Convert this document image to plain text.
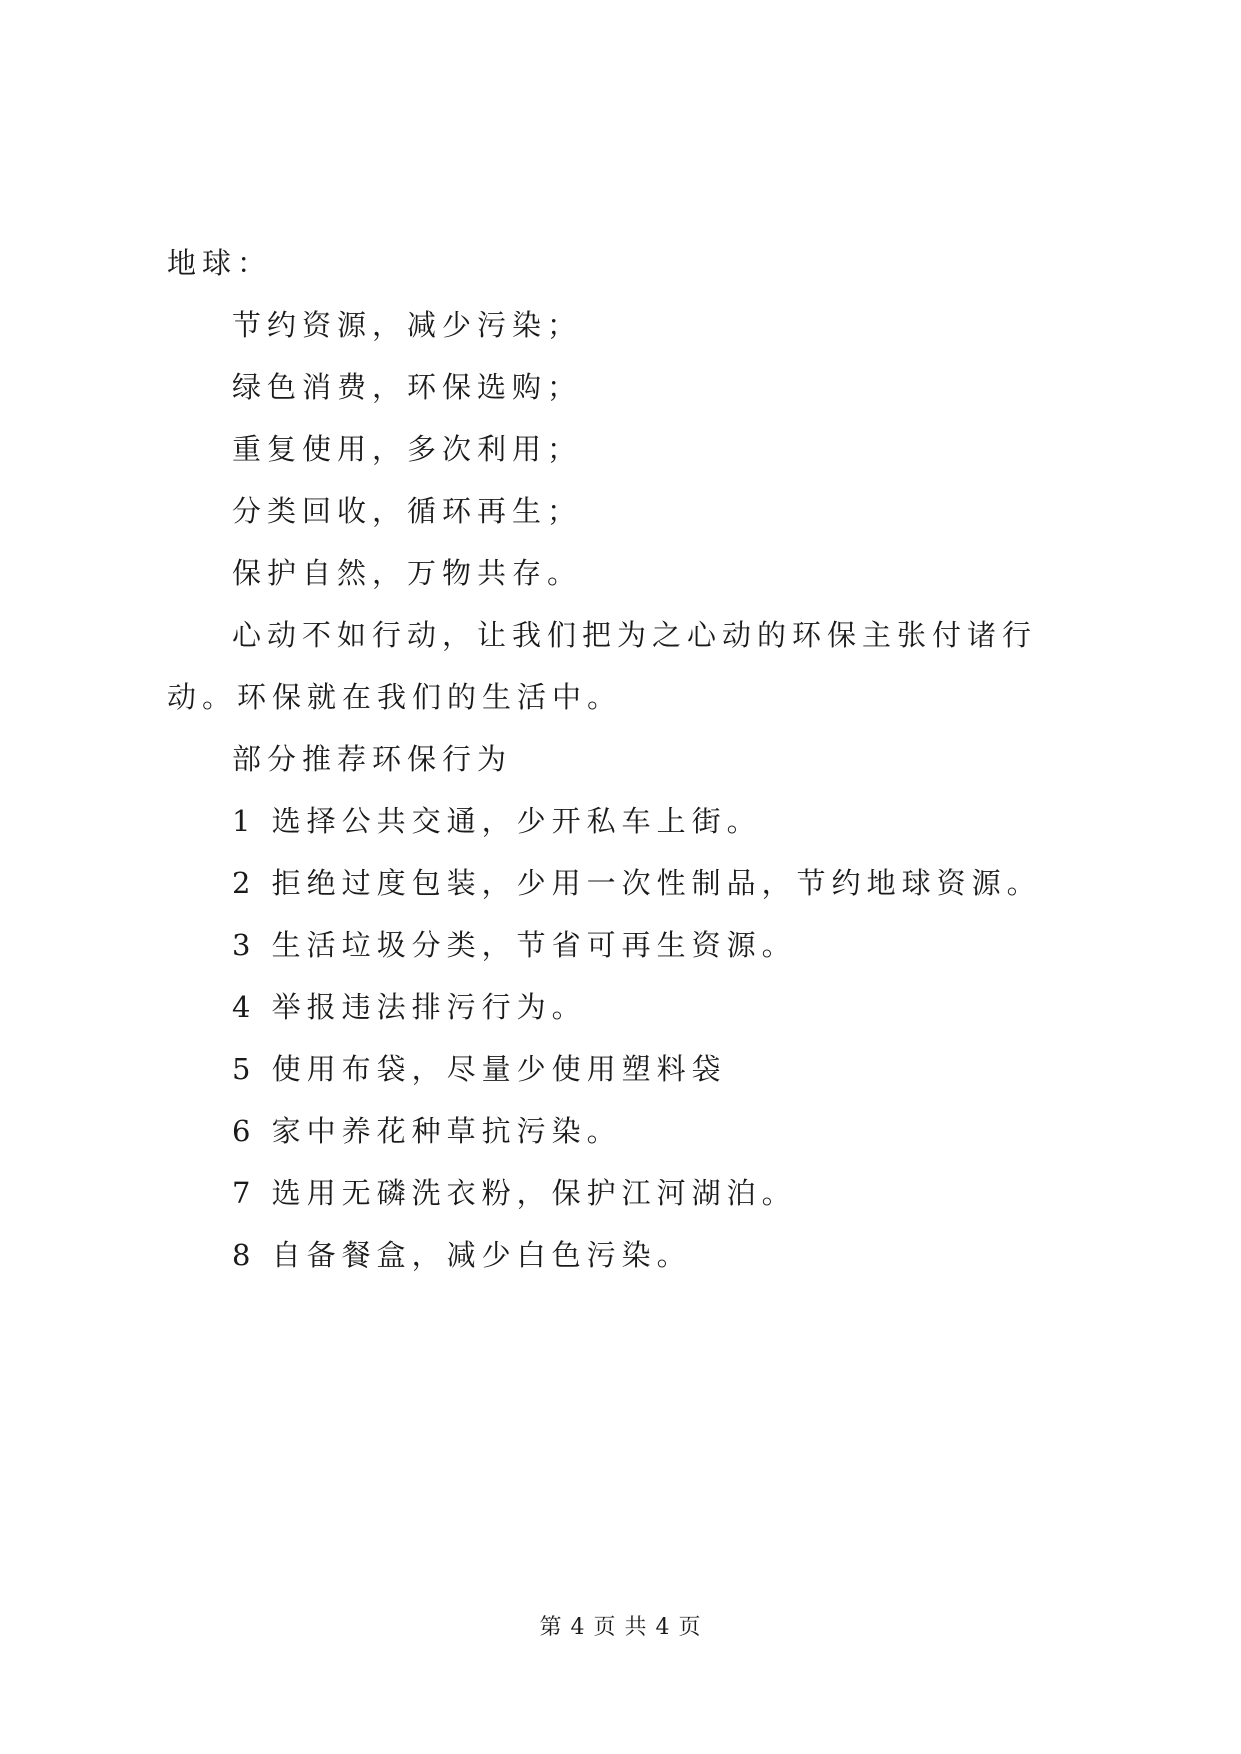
地球：

节约资源，减少污染；

绿色消费，环保选购；

重复使用，多次利用；

分类回收，循环再生；

保护自然，万物共存。

心动不如行动，让我们把为之心动的环保主张付诸行动。环保就在我们的生活中。

部分推荐环保行为

1 选择公共交通，少开私车上街。

2 拒绝过度包装，少用一次性制品，节约地球资源。

3 生活垃圾分类，节省可再生资源。

4 举报违法排污行为。

5 使用布袋，尽量少使用塑料袋

6 家中养花种草抗污染。

7 选用无磷洗衣粉，保护江河湖泊。

8 自备餐盒，减少白色污染。

第 4 页 共 4 页
